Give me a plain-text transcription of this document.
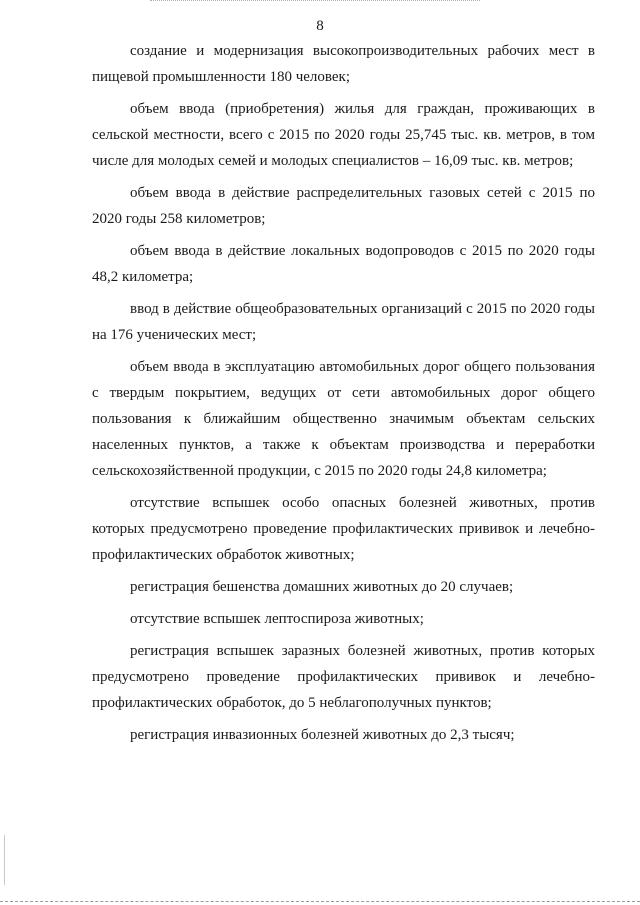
8

создание и модернизация высокопроизводительных рабочих мест в пищевой промышленности 180 человек;

объем ввода (приобретения) жилья для граждан, проживающих в сельской местности, всего с 2015 по 2020 годы 25,745 тыс. кв. метров, в том числе для молодых семей и молодых специалистов – 16,09 тыс. кв. метров;

объем ввода в действие распределительных газовых сетей с 2015 по 2020 годы 258 километров;

объем ввода в действие локальных водопроводов с 2015 по 2020 годы 48,2 километра;

ввод в действие общеобразовательных организаций с 2015 по 2020 годы на 176 ученических мест;

объем ввода в эксплуатацию автомобильных дорог общего пользования с твердым покрытием, ведущих от сети автомобильных дорог общего пользования к ближайшим общественно значимым объектам сельских населенных пунктов, а также к объектам производства и переработки сельскохозяйственной продукции, с 2015 по 2020 годы 24,8 километра;

отсутствие вспышек особо опасных болезней животных, против которых предусмотрено проведение профилактических прививок и лечебно-профилактических обработок животных;

регистрация бешенства домашних животных до 20 случаев;

отсутствие вспышек лептоспироза животных;

регистрация вспышек заразных болезней животных, против которых предусмотрено проведение профилактических прививок и лечебно-профилактических обработок, до 5 неблагополучных пунктов;

регистрация инвазионных болезней животных до 2,3 тысяч;
